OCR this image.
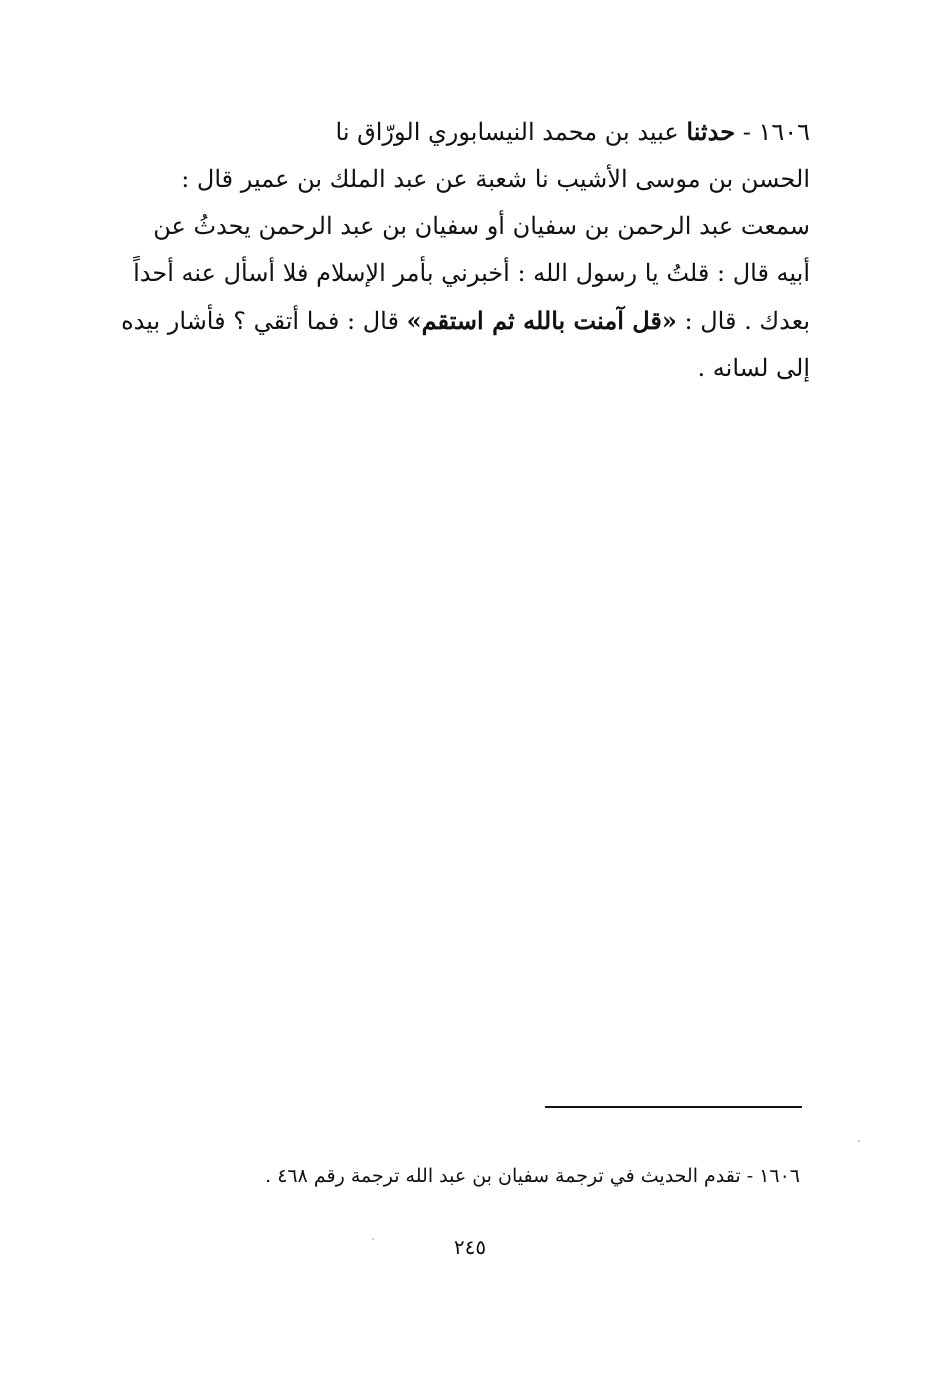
١٦٠٦ - حدثنا عبيد بن محمد النيسابوري الورّاق نا
الحسن بن موسى الأشيب نا شعبة عن عبد الملك بن عمير قال :
سمعت عبد الرحمن بن سفيان أو سفيان بن عبد الرحمن يحدثُ عن
أبيه قال : قلتُ يا رسول الله : أخبرني بأمر الإسلام فلا أسأل عنه أحداً
بعدك . قال : «قل آمنت بالله ثم استقم» قال : فما أتقي ؟ فأشار بيده
إلى لسانه .
١٦٠٦ - تقدم الحديث في ترجمة سفيان بن عبد الله ترجمة رقم ٤٦٨ .
٢٤٥
